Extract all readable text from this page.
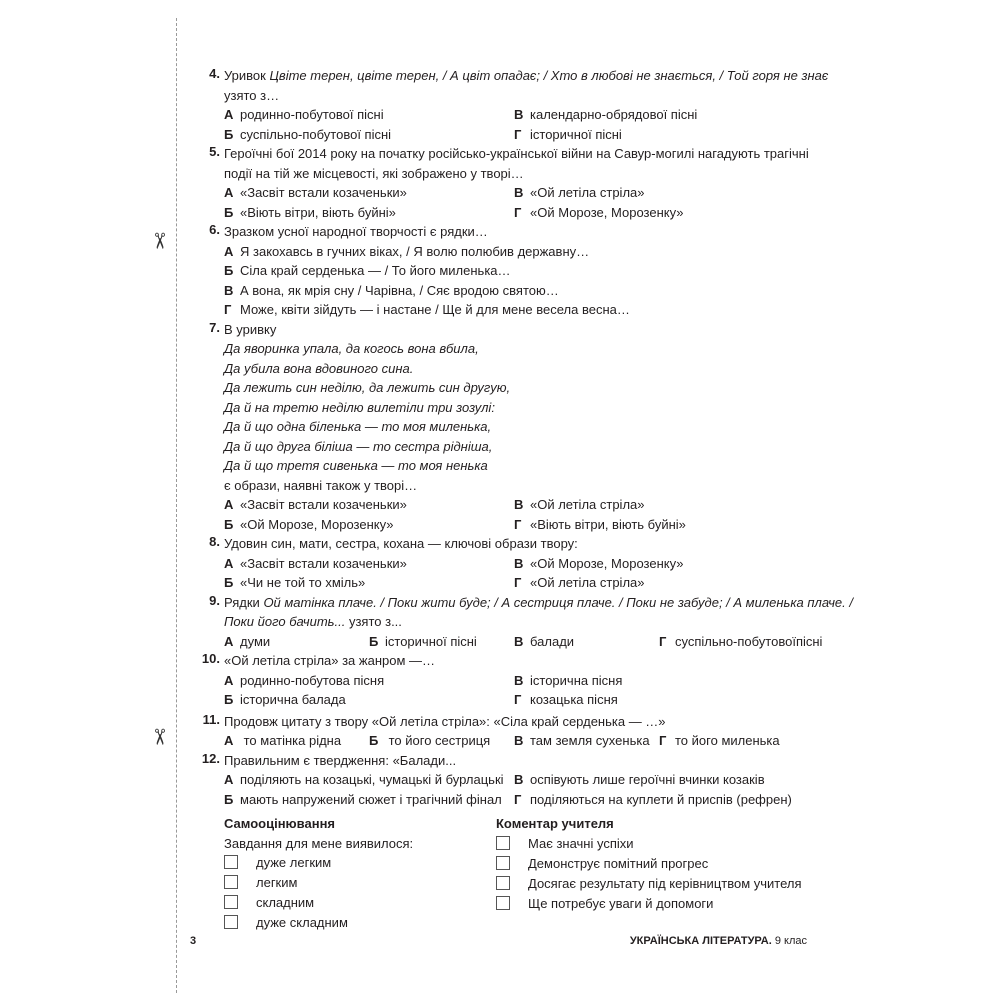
✂
✂
4. Уривок Цвіте терен, цвіте терен, / А цвіт опадає; / Хто в любові не знається, / Той горя не знає
узято з…
А родинно-побутової пісні	В календарно-обрядової пісні
Б суспільно-побутової пісні	Г історичної пісні
5. Героїчні бої 2014 року на початку російсько-української війни на Савур-могилі нагадують трагічні
події на тій же місцевості, які зображено у творі…
А «Засвіт встали козаченьки»	В «Ой летіла стріла»
Б «Віють вітри, віють буйні»	Г «Ой Морозе, Морозенку»
6. Зразком усної народної творчості є рядки…
А Я закохавсь в гучних віках, / Я волю полюбив державну…
Б Сіла край серденька — / То його миленька…
В А вона, як мрія сну / Чарівна, / Сяє вродою святою…
Г Може, квіти зійдуть — і настане / Ще й для мене весела весна…
7. В уривку
Да яворинка упала, да когось вона вбила,
Да убила вона вдовиного сина.
Да лежить син неділю, да лежить син другую,
Да й на третю неділю вилетіли три зозулі:
Да й що одна біленька — то моя миленька,
Да й що друга біліша — то сестра рідніша,
Да й що третя сивенька — то моя ненька
є образи, наявні також у творі…
А «Засвіт встали козаченьки»	В «Ой летіла стріла»
Б «Ой Морозе, Морозенку»	Г «Віють вітри, віють буйні»
8. Удовин син, мати, сестра, кохана — ключові образи твору:
А «Засвіт встали козаченьки»	В «Ой Морозе, Морозенку»
Б «Чи не той то хміль»	Г «Ой летіла стріла»
9. Рядки Ой матінка плаче. / Поки жити буде; / А сестриця плаче. / Поки не забуде; / А миленька плаче. /
Поки його бачить... узято з...
А думи	Б історичної пісні	В балади	Г суспільно-побутовоїпісні
10. «Ой летіла стріла» за жанром —…
А родинно-побутова пісня	В історична пісня
Б історична балада	Г козацька пісня
11. Продовж цитату з твору «Ой летіла стріла»: «Сіла край серденька — …»
А то матінка рідна	Б то його сестриця	В там земля сухенька Г то його миленька
12. Правильним є твердження: «Балади...
А поділяють на козацькі, чумацькі й бурлацькі В оспівують лише героїчні вчинки козаків
Б мають напружений сюжет і трагічний фінал Г поділяються на куплети й приспів (рефрен)
Самооцінювання
Завдання для мене виявилося:
дуже легким
легким
складним
дуже складним
Коментар учителя
Має значні успіхи
Демонструє помітний прогрес
Досягає результату під керівництвом учителя
Ще потребує уваги й допомоги
3	УКРАЇНСЬКА ЛІТЕРАТУРА. 9 клас
